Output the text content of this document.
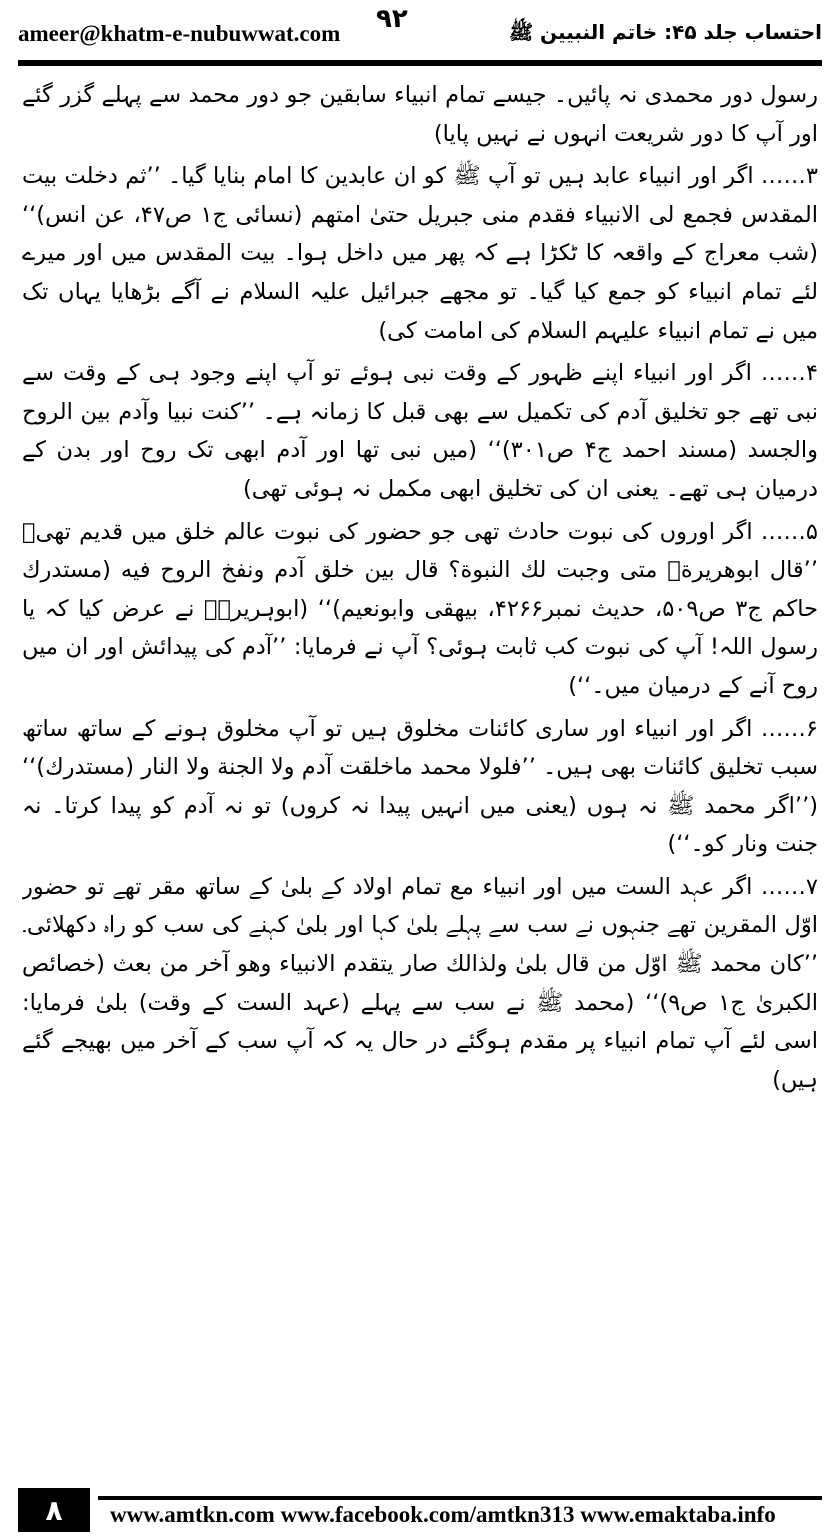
ameer@khatm-e-nubuwwat.com	احتساب جلد ۴۵: خاتم النبیین ﷺ
۹۲

رسول دور محمدی نہ پائیں۔ جیسے تمام انبیاء سابقین جو دور محمد سے پہلے گزر گئے اور آپ کا دور شریعت انہوں نے نہیں پایا)

۳…… اگر اور انبیاء عابد ہیں تو آپ ﷺ کو ان عابدین کا امام بنایا گیا۔ ’’ثم دخلت بیت المقدس فجمع لی الانبیاء فقدم منی جبریل حتیٰ امتهم (نسائی ج۱ ص۴۷، عن انس)‘‘ (شب معراج کے واقعہ کا ٹکڑا ہے کہ پھر میں داخل ہوا۔ بیت المقدس میں اور میرے لئے تمام انبیاء کو جمع کیا گیا۔ تو مجھے جبرائیل علیہ السلام نے آگے بڑھایا یہاں تک میں نے تمام انبیاء علیہم السلام کی امامت کی)

۴…… اگر اور انبیاء اپنے ظہور کے وقت نبی ہوئے تو آپ اپنے وجود ہی کے وقت سے نبی تھے جو تخلیق آدم کی تکمیل سے بھی قبل کا زمانہ ہے۔ ’’کنت نبیا وآدم بین الروح والجسد (مسند احمد ج۴ ص۳۰۱)‘‘ (میں نبی تھا اور آدم ابھی تک روح اور بدن کے درمیان ہی تھے۔ یعنی ان کی تخلیق ابھی مکمل نہ ہوئی تھی)

۵…… اگر اوروں کی نبوت حادث تھی جو حضور کی نبوت عالم خلق میں قدیم تھی۔ ’’قال ابوهریرةؓ متی وجبت لك النبوة؟ قال بین خلق آدم ونفخ الروح فیه (مستدرك حاكم ج۳ ص۵۰۹، حدیث نمبر۴۲۶۶، بیهقی وابونعیم)‘‘ (ابوہریرہؓ نے عرض کیا کہ یا رسول اللہ! آپ کی نبوت کب ثابت ہوئی؟ آپ نے فرمایا: ’’آدم کی پیدائش اور ان میں روح آنے کے درمیان میں۔‘‘)

۶…… اگر اور انبیاء اور ساری کائنات مخلوق ہیں تو آپ مخلوق ہونے کے ساتھ ساتھ سبب تخلیق کائنات بھی ہیں۔ ’’فلولا محمد ماخلقت آدم ولا الجنة ولا النار (مستدرك)‘‘ (’’اگر محمد ﷺ نہ ہوں (یعنی میں انہیں پیدا نہ کروں) تو نہ آدم کو پیدا کرتا۔ نہ جنت ونار کو۔‘‘)

۷…… اگر عہد الست میں اور انبیاء مع تمام اولاد کے بلیٰ کے ساتھ مقر تھے تو حضور اوّل المقرین تھے جنہوں نے سب سے پہلے بلیٰ کہا اور بلیٰ کہنے کی سب کو راہ دکھلائی۔ ’’کان محمد ﷺ اوّل من قال بلیٰ ولذالك صار یتقدم الانبیاء وهو آخر من بعث (خصائص الکبریٰ ج۱ ص۹)‘‘ (محمد ﷺ نے سب سے پہلے (عہد الست کے وقت) بلیٰ فرمایا: اسی لئے آپ تمام انبیاء پر مقدم ہوگئے در حال یہ کہ آپ سب کے آخر میں بھیجے گئے ہیں)

۸	www.amtkn.com www.facebook.com/amtkn313 www.emaktaba.info
